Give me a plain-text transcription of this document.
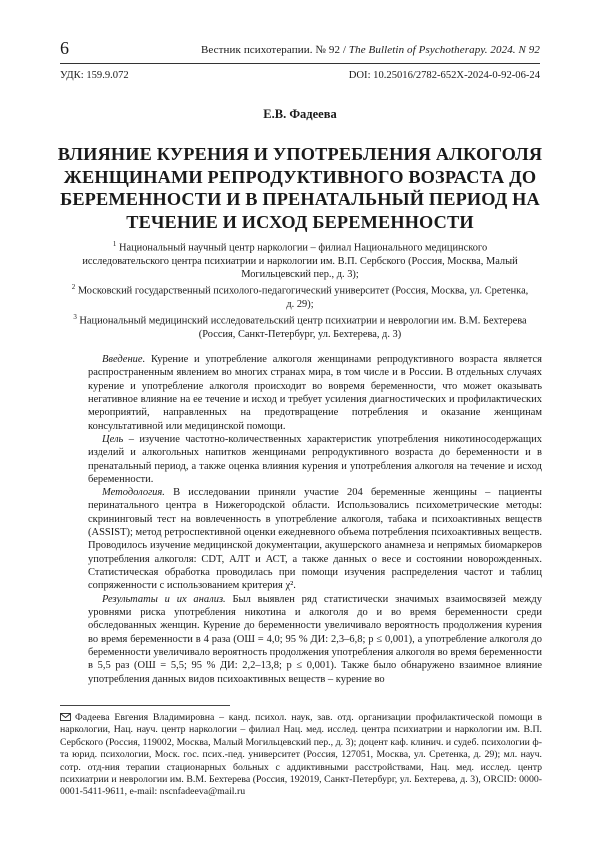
6	Вестник психотерапии. № 92 / The Bulletin of Psychotherapy. 2024. N 92
УДК: 159.9.072	DOI: 10.25016/2782-652X-2024-0-92-06-24
Е.В. Фадеева
ВЛИЯНИЕ КУРЕНИЯ И УПОТРЕБЛЕНИЯ АЛКОГОЛЯ ЖЕНЩИНАМИ РЕПРОДУКТИВНОГО ВОЗРАСТА ДО БЕРЕМЕННОСТИ И В ПРЕНАТАЛЬНЫЙ ПЕРИОД НА ТЕЧЕНИЕ И ИСХОД БЕРЕМЕННОСТИ

1 Национальный научный центр наркологии – филиал Национального медицинского исследовательского центра психиатрии и наркологии им. В.П. Сербского (Россия, Москва, Малый Могильцевский пер., д. 3);

2 Московский государственный психолого-педагогический университет (Россия, Москва, ул. Сретенка, д. 29);

3 Национальный медицинский исследовательский центр психиатрии и неврологии им. В.М. Бехтерева (Россия, Санкт-Петербург, ул. Бехтерева, д. 3)

Введение. Курение и употребление алкоголя женщинами репродуктивного возраста является распространенным явлением во многих странах мира, в том числе и в России. В отдельных случаях курение и употребление алкоголя происходит во вовремя беременности, что может оказывать негативное влияние на ее течение и исход и требует усиления диагностических и профилактических мероприятий, направленных на предотвращение потребления и оказание женщинам консультативной или медицинской помощи.

Цель – изучение частотно-количественных характеристик употребления никотиносодержащих изделий и алкогольных напитков женщинами репродуктивного возраста до беременности и в пренатальный период, а также оценка влияния курения и употребления алкоголя на течение и исход беременности.

Методология. В исследовании приняли участие 204 беременные женщины – пациенты перинатального центра в Нижегородской области. Использовались психометрические методы: скрининговый тест на вовлеченность в употребление алкоголя, табака и психоактивных веществ (ASSIST); метод ретроспективной оценки ежедневного объема потребления психоактивных веществ. Проводилось изучение медицинской документации, акушерского анамнеза и непрямых биомаркеров употребления алкоголя: CDT, АЛТ и АСТ, а также данных о весе и состоянии новорожденных. Статистическая обработка проводилась при помощи изучения распределения частот и таблиц сопряженности с использованием критерия χ².

Результаты и их анализ. Был выявлен ряд статистически значимых взаимосвязей между уровнями риска употребления никотина и алкоголя до и во время беременности среди обследованных женщин. Курение до беременности увеличивало вероятность продолжения курения во время беременности в 4 раза (ОШ = 4,0; 95 % ДИ: 2,3–6,8; p ≤ 0,001), а употребление алкоголя до беременности увеличивало вероятность продолжения употребления алкоголя во время беременности в 5,5 раз (ОШ = 5,5; 95 % ДИ: 2,2–13,8; p ≤ 0,001). Также было обнаружено взаимное влияние употребления данных видов психоактивных веществ – курение во

Фадеева Евгения Владимировна – канд. психол. наук, зав. отд. организации профилактической помощи в наркологии, Нац. науч. центр наркологии – филиал Нац. мед. исслед. центра психиатрии и наркологии им. В.П. Сербского (Россия, 119002, Москва, Малый Могильцевский пер., д. 3); доцент каф. клинич. и судеб. психологии ф-та юрид. психологии, Моск. гос. псих.-пед. университет (Россия, 127051, Москва, ул. Сретенка, д. 29); мл. науч. сотр. отд-ния терапии стационарных больных с аддиктивными расстройствами, Нац. мед. исслед. центр психиатрии и неврологии им. В.М. Бехтерева (Россия, 192019, Санкт-Петербург, ул. Бехтерева, д. 3), ORCID: 0000-0001-5411-9611, e-mail: nscnfadeeva@mail.ru
